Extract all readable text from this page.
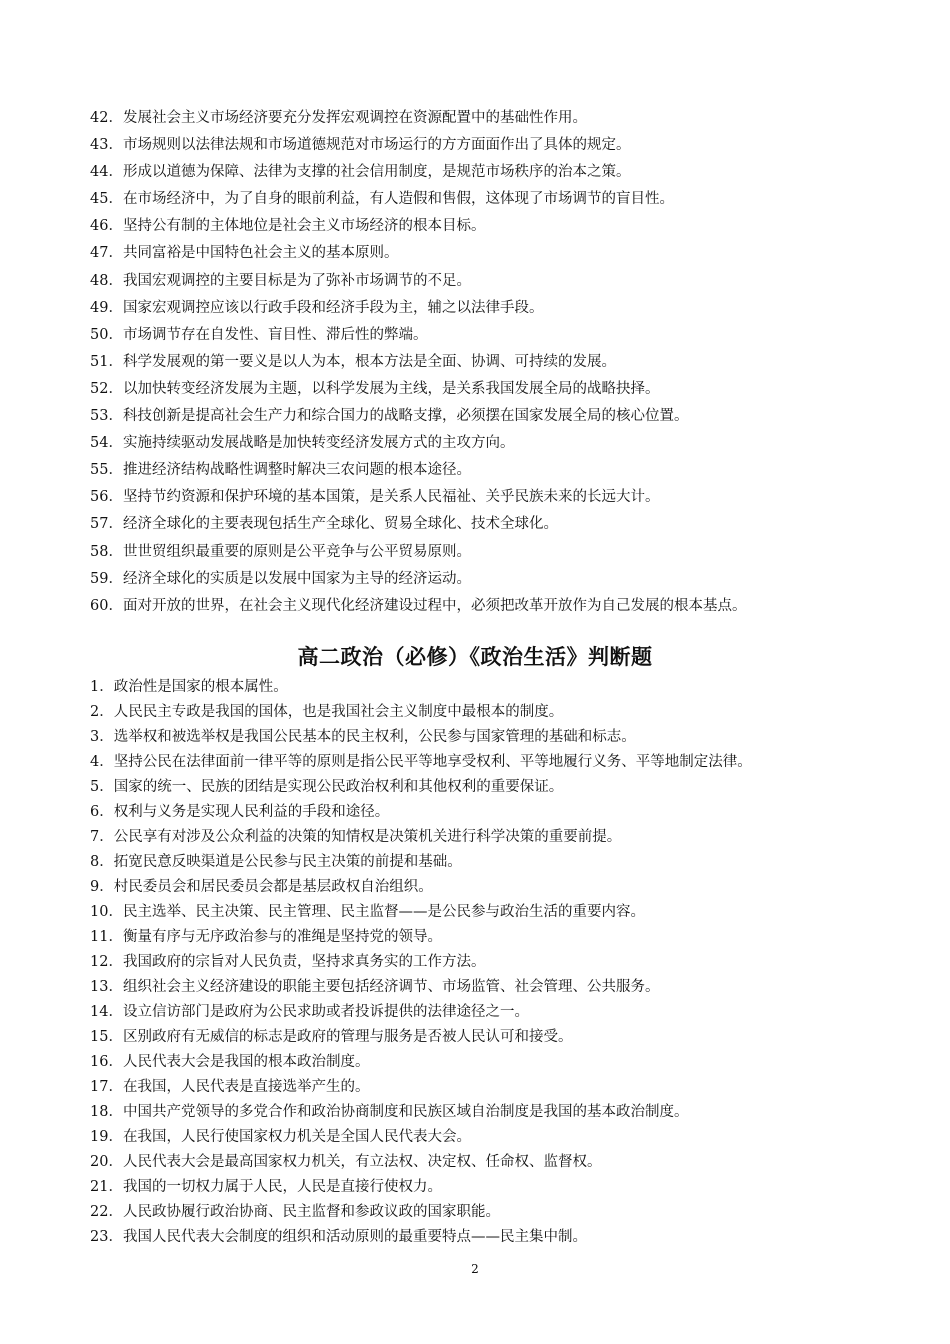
42．发展社会主义市场经济要充分发挥宏观调控在资源配置中的基础性作用。
43．市场规则以法律法规和市场道德规范对市场运行的方方面面作出了具体的规定。
44．形成以道德为保障、法律为支撑的社会信用制度，是规范市场秩序的治本之策。
45．在市场经济中，为了自身的眼前利益，有人造假和售假，这体现了市场调节的盲目性。
46．坚持公有制的主体地位是社会主义市场经济的根本目标。
47．共同富裕是中国特色社会主义的基本原则。
48．我国宏观调控的主要目标是为了弥补市场调节的不足。
49．国家宏观调控应该以行政手段和经济手段为主，辅之以法律手段。
50．市场调节存在自发性、盲目性、滞后性的弊端。
51．科学发展观的第一要义是以人为本，根本方法是全面、协调、可持续的发展。
52．以加快转变经济发展为主题，以科学发展为主线，是关系我国发展全局的战略抉择。
53．科技创新是提高社会生产力和综合国力的战略支撑，必须摆在国家发展全局的核心位置。
54．实施持续驱动发展战略是加快转变经济发展方式的主攻方向。
55．推进经济结构战略性调整时解决三农问题的根本途径。
56．坚持节约资源和保护环境的基本国策，是关系人民福祉、关乎民族未来的长远大计。
57．经济全球化的主要表现包括生产全球化、贸易全球化、技术全球化。
58．世世贸组织最重要的原则是公平竞争与公平贸易原则。
59．经济全球化的实质是以发展中国家为主导的经济运动。
60．面对开放的世界，在社会主义现代化经济建设过程中，必须把改革开放作为自己发展的根本基点。
高二政治（必修）《政治生活》判断题
1．政治性是国家的根本属性。
2．人民民主专政是我国的国体，也是我国社会主义制度中最根本的制度。
3．选举权和被选举权是我国公民基本的民主权利，公民参与国家管理的基础和标志。
4．坚持公民在法律面前一律平等的原则是指公民平等地享受权利、平等地履行义务、平等地制定法律。
5．国家的统一、民族的团结是实现公民政治权利和其他权利的重要保证。
6．权利与义务是实现人民利益的手段和途径。
7．公民享有对涉及公众利益的决策的知情权是决策机关进行科学决策的重要前提。
8．拓宽民意反映渠道是公民参与民主决策的前提和基础。
9．村民委员会和居民委员会都是基层政权自治组织。
10．民主选举、民主决策、民主管理、民主监督——是公民参与政治生活的重要内容。
11．衡量有序与无序政治参与的准绳是坚持党的领导。
12．我国政府的宗旨对人民负责，坚持求真务实的工作方法。
13．组织社会主义经济建设的职能主要包括经济调节、市场监管、社会管理、公共服务。
14．设立信访部门是政府为公民求助或者投诉提供的法律途径之一。
15．区别政府有无威信的标志是政府的管理与服务是否被人民认可和接受。
16．人民代表大会是我国的根本政治制度。
17．在我国，人民代表是直接选举产生的。
18．中国共产党领导的多党合作和政治协商制度和民族区域自治制度是我国的基本政治制度。
19．在我国，人民行使国家权力机关是全国人民代表大会。
20．人民代表大会是最高国家权力机关，有立法权、决定权、任命权、监督权。
21．我国的一切权力属于人民，人民是直接行使权力。
22．人民政协履行政治协商、民主监督和参政议政的国家职能。
23．我国人民代表大会制度的组织和活动原则的最重要特点——民主集中制。
2
